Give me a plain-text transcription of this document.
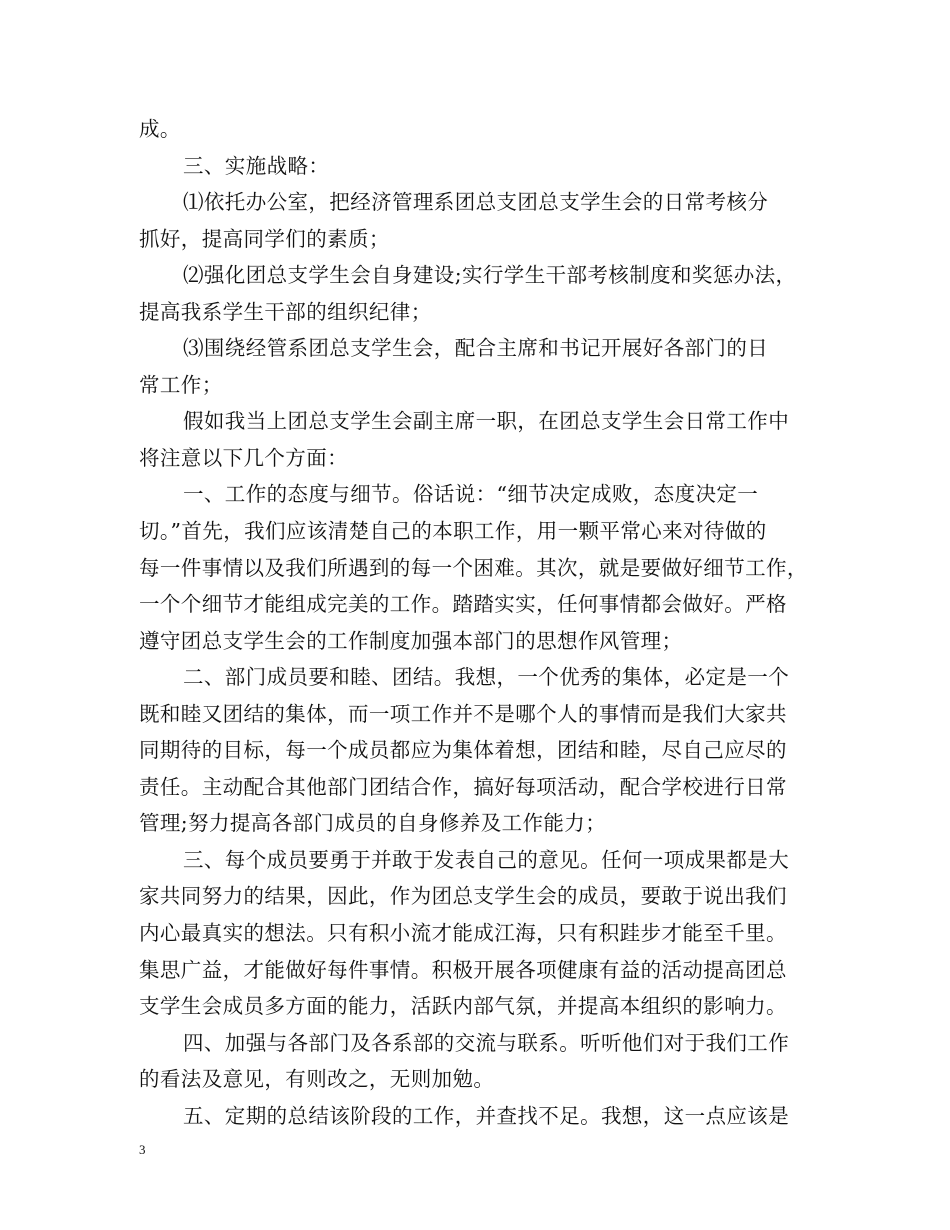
成。
三、实施战略：
⑴依托办公室，把经济管理系团总支团总支学生会的日常考核分
抓好，提高同学们的素质；
⑵强化团总支学生会自身建设;实行学生干部考核制度和奖惩办法，
提高我系学生干部的组织纪律；
⑶围绕经管系团总支学生会，配合主席和书记开展好各部门的日
常工作；
假如我当上团总支学生会副主席一职，在团总支学生会日常工作中
将注意以下几个方面：
一、工作的态度与细节。俗话说：“细节决定成败，态度决定一
切。”首先，我们应该清楚自己的本职工作，用一颗平常心来对待做的
每一件事情以及我们所遇到的每一个困难。其次，就是要做好细节工作，
一个个细节才能组成完美的工作。踏踏实实，任何事情都会做好。严格
遵守团总支学生会的工作制度加强本部门的思想作风管理；
二、部门成员要和睦、团结。我想，一个优秀的集体，必定是一个
既和睦又团结的集体，而一项工作并不是哪个人的事情而是我们大家共
同期待的目标，每一个成员都应为集体着想，团结和睦，尽自己应尽的
责任。主动配合其他部门团结合作，搞好每项活动，配合学校进行日常
管理;努力提高各部门成员的自身修养及工作能力；
三、每个成员要勇于并敢于发表自己的意见。任何一项成果都是大
家共同努力的结果，因此，作为团总支学生会的成员，要敢于说出我们
内心最真实的想法。只有积小流才能成江海，只有积跬步才能至千里。
集思广益，才能做好每件事情。积极开展各项健康有益的活动提高团总
支学生会成员多方面的能力，活跃内部气氛，并提高本组织的影响力。
四、加强与各部门及各系部的交流与联系。听听他们对于我们工作
的看法及意见，有则改之，无则加勉。
五、定期的总结该阶段的工作，并查找不足。我想，这一点应该是
3
